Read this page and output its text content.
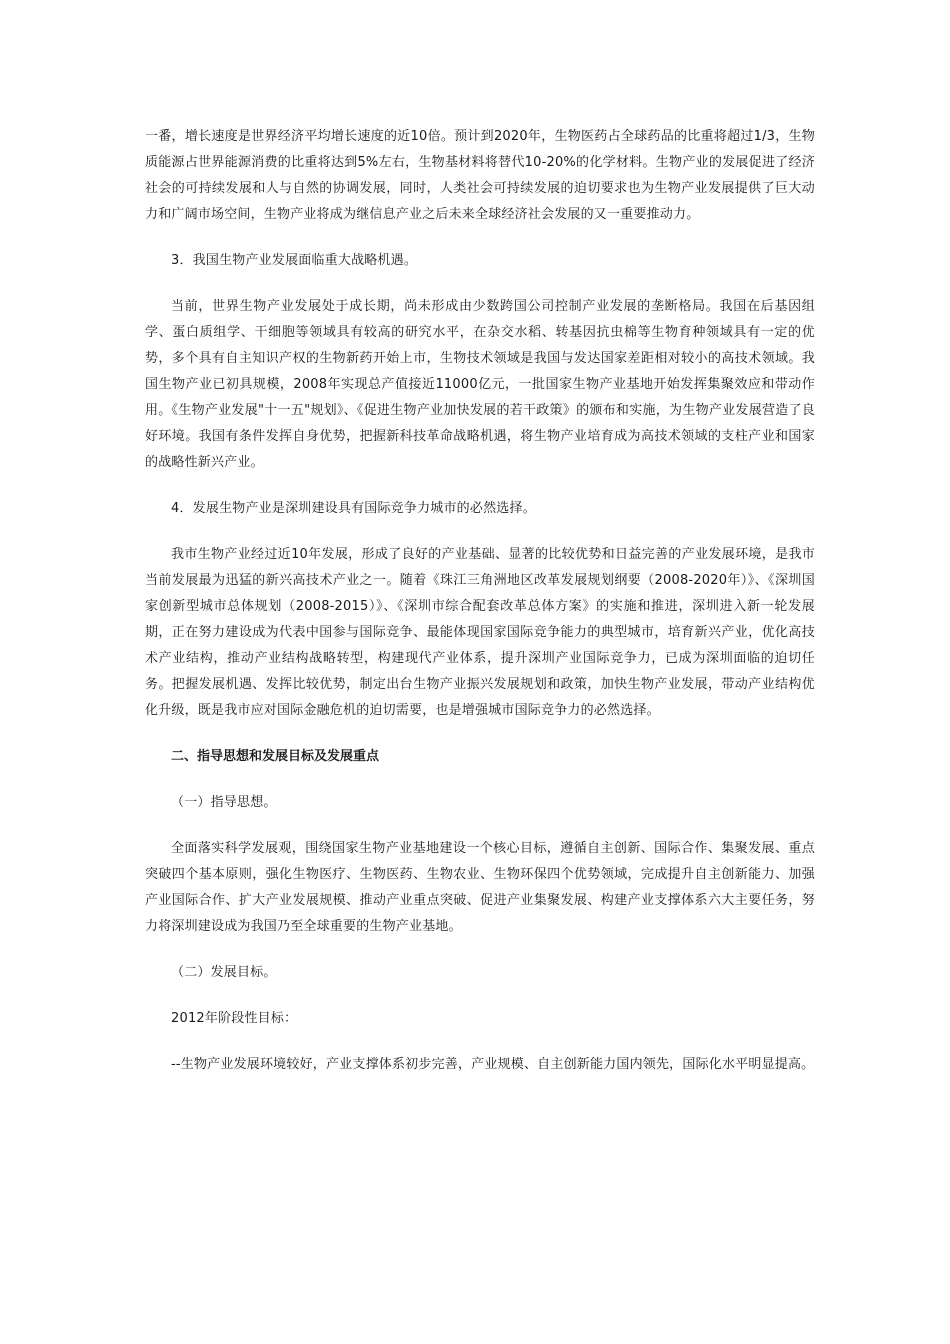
一番，增长速度是世界经济平均增长速度的近10倍。预计到2020年，生物医药占全球药品的比重将超过1/3，生物质能源占世界能源消费的比重将达到5%左右，生物基材料将替代10-20%的化学材料。生物产业的发展促进了经济社会的可持续发展和人与自然的协调发展，同时，人类社会可持续发展的迫切要求也为生物产业发展提供了巨大动力和广阔市场空间，生物产业将成为继信息产业之后未来全球经济社会发展的又一重要推动力。

3．我国生物产业发展面临重大战略机遇。

当前，世界生物产业发展处于成长期，尚未形成由少数跨国公司控制产业发展的垄断格局。我国在后基因组学、蛋白质组学、干细胞等领域具有较高的研究水平，在杂交水稻、转基因抗虫棉等生物育种领域具有一定的优势，多个具有自主知识产权的生物新药开始上市，生物技术领域是我国与发达国家差距相对较小的高技术领域。我国生物产业已初具规模，2008年实现总产值接近11000亿元，一批国家生物产业基地开始发挥集聚效应和带动作用。《生物产业发展"十一五"规划》、《促进生物产业加快发展的若干政策》的颁布和实施，为生物产业发展营造了良好环境。我国有条件发挥自身优势，把握新科技革命战略机遇，将生物产业培育成为高技术领域的支柱产业和国家的战略性新兴产业。

4．发展生物产业是深圳建设具有国际竞争力城市的必然选择。

我市生物产业经过近10年发展，形成了良好的产业基础、显著的比较优势和日益完善的产业发展环境，是我市当前发展最为迅猛的新兴高技术产业之一。随着《珠江三角洲地区改革发展规划纲要（2008-2020年）》、《深圳国家创新型城市总体规划（2008-2015）》、《深圳市综合配套改革总体方案》的实施和推进，深圳进入新一轮发展期，正在努力建设成为代表中国参与国际竞争、最能体现国家国际竞争能力的典型城市，培育新兴产业，优化高技术产业结构，推动产业结构战略转型，构建现代产业体系，提升深圳产业国际竞争力，已成为深圳面临的迫切任务。把握发展机遇、发挥比较优势，制定出台生物产业振兴发展规划和政策，加快生物产业发展，带动产业结构优化升级，既是我市应对国际金融危机的迫切需要，也是增强城市国际竞争力的必然选择。

二、指导思想和发展目标及发展重点

（一）指导思想。

全面落实科学发展观，围绕国家生物产业基地建设一个核心目标，遵循自主创新、国际合作、集聚发展、重点突破四个基本原则，强化生物医疗、生物医药、生物农业、生物环保四个优势领域，完成提升自主创新能力、加强产业国际合作、扩大产业发展规模、推动产业重点突破、促进产业集聚发展、构建产业支撑体系六大主要任务，努力将深圳建设成为我国乃至全球重要的生物产业基地。

（二）发展目标。

2012年阶段性目标：

--生物产业发展环境较好，产业支撑体系初步完善，产业规模、自主创新能力国内领先，国际化水平明显提高。
